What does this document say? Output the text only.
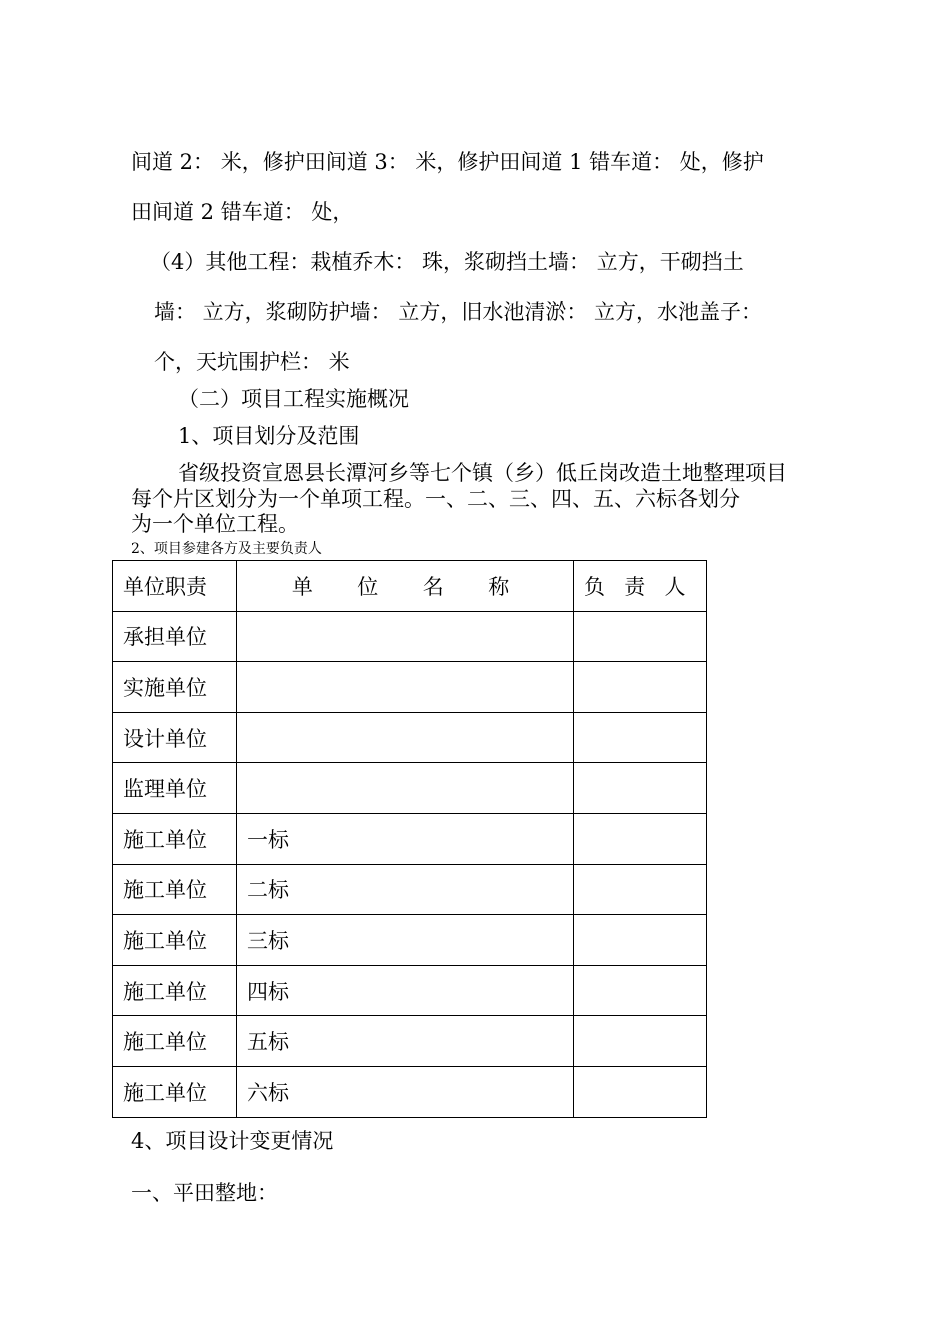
间道 2： 米，修护田间道 3： 米，修护田间道 1 错车道： 处，修护
田间道 2 错车道： 处，
（4）其他工程：栽植乔木： 珠，浆砌挡土墙： 立方，干砌挡土
墙： 立方，浆砌防护墙： 立方，旧水池清淤： 立方，水池盖子：
个，天坑围护栏： 米
（二）项目工程实施概况
1、项目划分及范围
省级投资宣恩县长潭河乡等七个镇（乡）低丘岗改造土地整理项目
每个片区划分为一个单项工程。一、二、三、四、五、六标各划分
为一个单位工程。
2、项目参建各方及主要负责人
单位职责	单 位 名 称	负 责 人
承担单位		
实施单位		
设计单位		
监理单位		
施工单位	一标	
施工单位	二标	
施工单位	三标	
施工单位	四标	
施工单位	五标	
施工单位	六标	
4、项目设计变更情况
一、平田整地：
